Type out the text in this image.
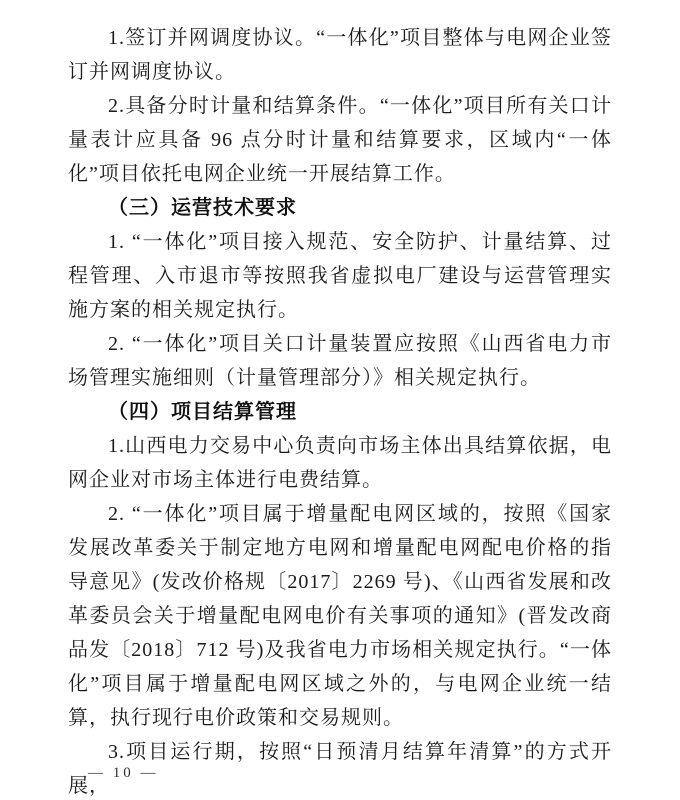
1.签订并网调度协议。“一体化”项目整体与电网企业签订并网调度协议。

2.具备分时计量和结算条件。“一体化”项目所有关口计量表计应具备 96 点分时计量和结算要求，区域内“一体化”项目依托电网企业统一开展结算工作。

（三）运营技术要求

1. “一体化”项目接入规范、安全防护、计量结算、过程管理、入市退市等按照我省虚拟电厂建设与运营管理实施方案的相关规定执行。

2. “一体化”项目关口计量装置应按照《山西省电力市场管理实施细则（计量管理部分）》相关规定执行。

（四）项目结算管理

1.山西电力交易中心负责向市场主体出具结算依据，电网企业对市场主体进行电费结算。

2. “一体化”项目属于增量配电网区域的，按照《国家发展改革委关于制定地方电网和增量配电网配电价格的指导意见》(发改价格规〔2017〕2269 号)、《山西省发展和改革委员会关于增量配电网电价有关事项的通知》(晋发改商品发〔2018〕712 号)及我省电力市场相关规定执行。“一体化”项目属于增量配电网区域之外的，与电网企业统一结算，执行现行电价政策和交易规则。

3.项目运行期，按照“日预清月结算年清算”的方式开展，

— 10 —
